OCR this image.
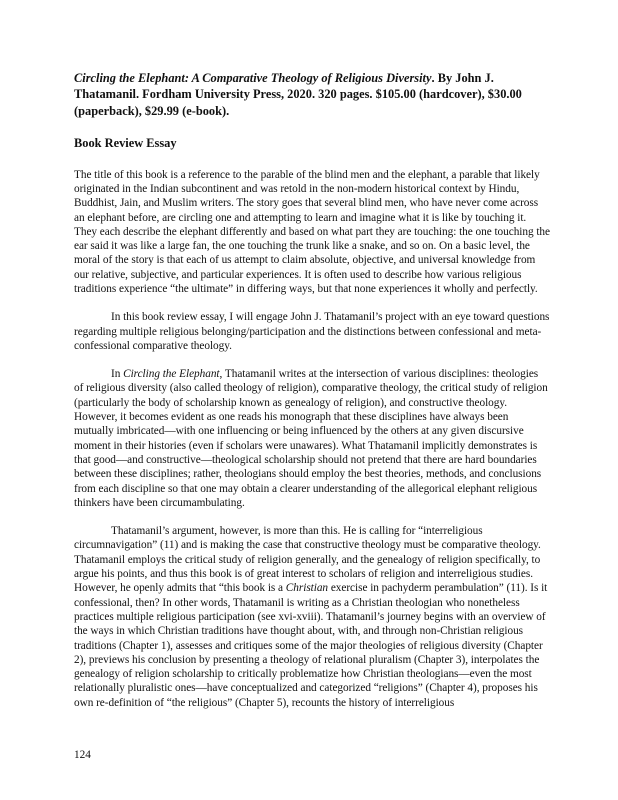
Circling the Elephant: A Comparative Theology of Religious Diversity. By John J. Thatamanil. Fordham University Press, 2020. 320 pages. $105.00 (hardcover), $30.00 (paperback), $29.99 (e-book).

Book Review Essay

The title of this book is a reference to the parable of the blind men and the elephant, a parable that likely originated in the Indian subcontinent and was retold in the non-modern historical context by Hindu, Buddhist, Jain, and Muslim writers. The story goes that several blind men, who have never come across an elephant before, are circling one and attempting to learn and imagine what it is like by touching it. They each describe the elephant differently and based on what part they are touching: the one touching the ear said it was like a large fan, the one touching the trunk like a snake, and so on. On a basic level, the moral of the story is that each of us attempt to claim absolute, objective, and universal knowledge from our relative, subjective, and particular experiences. It is often used to describe how various religious traditions experience “the ultimate” in differing ways, but that none experiences it wholly and perfectly.

In this book review essay, I will engage John J. Thatamanil’s project with an eye toward questions regarding multiple religious belonging/participation and the distinctions between confessional and meta-confessional comparative theology.

In Circling the Elephant, Thatamanil writes at the intersection of various disciplines: theologies of religious diversity (also called theology of religion), comparative theology, the critical study of religion (particularly the body of scholarship known as genealogy of religion), and constructive theology. However, it becomes evident as one reads his monograph that these disciplines have always been mutually imbricated—with one influencing or being influenced by the others at any given discursive moment in their histories (even if scholars were unawares). What Thatamanil implicitly demonstrates is that good—and constructive—theological scholarship should not pretend that there are hard boundaries between these disciplines; rather, theologians should employ the best theories, methods, and conclusions from each discipline so that one may obtain a clearer understanding of the allegorical elephant religious thinkers have been circumambulating.

Thatamanil’s argument, however, is more than this. He is calling for “interreligious circumnavigation” (11) and is making the case that constructive theology must be comparative theology. Thatamanil employs the critical study of religion generally, and the genealogy of religion specifically, to argue his points, and thus this book is of great interest to scholars of religion and interreligious studies. However, he openly admits that “this book is a Christian exercise in pachyderm perambulation” (11). Is it confessional, then? In other words, Thatamanil is writing as a Christian theologian who nonetheless practices multiple religious participation (see xvi-xviii). Thatamanil’s journey begins with an overview of the ways in which Christian traditions have thought about, with, and through non-Christian religious traditions (Chapter 1), assesses and critiques some of the major theologies of religious diversity (Chapter 2), previews his conclusion by presenting a theology of relational pluralism (Chapter 3), interpolates the genealogy of religion scholarship to critically problematize how Christian theologians—even the most relationally pluralistic ones—have conceptualized and categorized “religions” (Chapter 4), proposes his own re-definition of “the religious” (Chapter 5), recounts the history of interreligious

124
